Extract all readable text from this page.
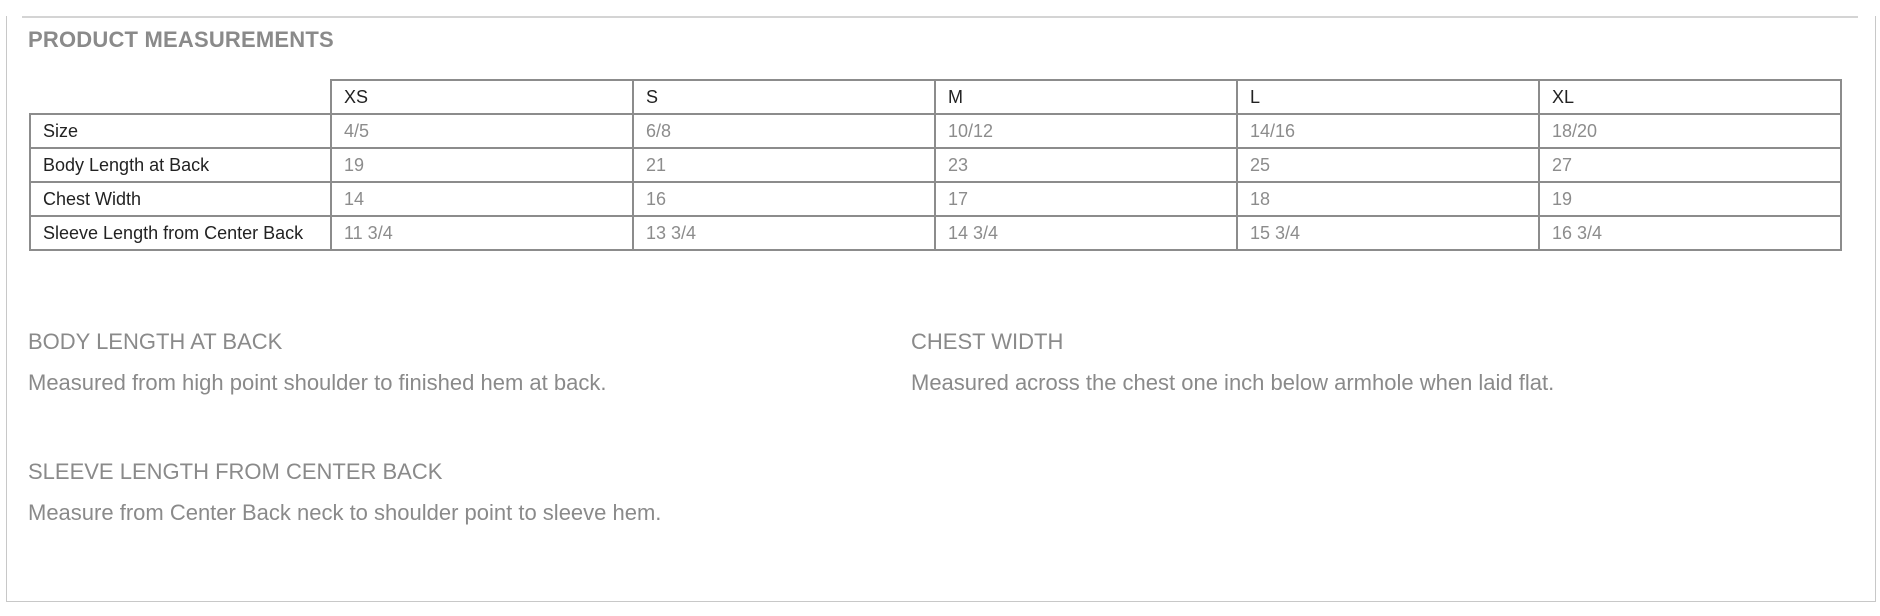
PRODUCT MEASUREMENTS
	XS	S	M	L	XL
Size	4/5	6/8	10/12	14/16	18/20
Body Length at Back	19	21	23	25	27
Chest Width	14	16	17	18	19
Sleeve Length from Center Back	11 3/4	13 3/4	14 3/4	15 3/4	16 3/4
BODY LENGTH AT BACK
Measured from high point shoulder to finished hem at back.
CHEST WIDTH
Measured across the chest one inch below armhole when laid flat.
SLEEVE LENGTH FROM CENTER BACK
Measure from Center Back neck to shoulder point to sleeve hem.
